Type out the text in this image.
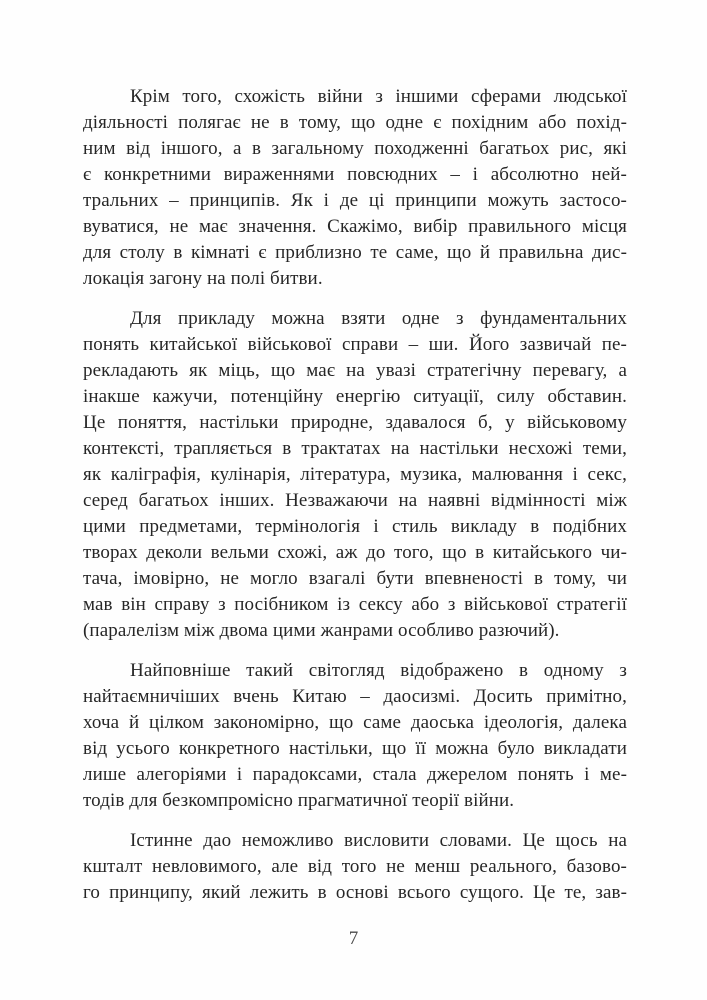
Крім того, схожість війни з іншими сферами людської
діяльності полягає не в тому, що одне є похідним або похід-
ним від іншого, а в загальному походженні багатьох рис, які
є конкретними вираженнями повсюдних – і абсолютно ней-
тральних – принципів. Як і де ці принципи можуть застосо-
вуватися, не має значення. Скажімо, вибір правильного місця
для столу в кімнаті є приблизно те саме, що й правильна дис-
локація загону на полі битви.
Для прикладу можна взяти одне з фундаментальних
понять китайської військової справи – ши. Його зазвичай пе-
рекладають як міць, що має на увазі стратегічну перевагу, а
інакше кажучи, потенційну енергію ситуації, силу обставин.
Це поняття, настільки природне, здавалося б, у військовому
контексті, трапляється в трактатах на настільки несхожі теми,
як каліграфія, кулінарія, література, музика, малювання і секс,
серед багатьох інших. Незважаючи на наявні відмінності між
цими предметами, термінологія і стиль викладу в подібних
творах деколи вельми схожі, аж до того, що в китайського чи-
тача, імовірно, не могло взагалі бути впевненості в тому, чи
мав він справу з посібником із сексу або з військової стратегії
(паралелізм між двома цими жанрами особливо разючий).
Найповніше такий світогляд відображено в одному з
найтаємничіших вчень Китаю – даосизмі. Досить примітно,
хоча й цілком закономірно, що саме даоська ідеологія, далека
від усього конкретного настільки, що її можна було викладати
лише алегоріями і парадоксами, стала джерелом понять і ме-
тодів для безкомпромісно прагматичної теорії війни.
Істинне дао неможливо висловити словами. Це щось на
кшталт невловимого, але від того не менш реального, базово-
го принципу, який лежить в основі всього сущого. Це те, зав-
7
